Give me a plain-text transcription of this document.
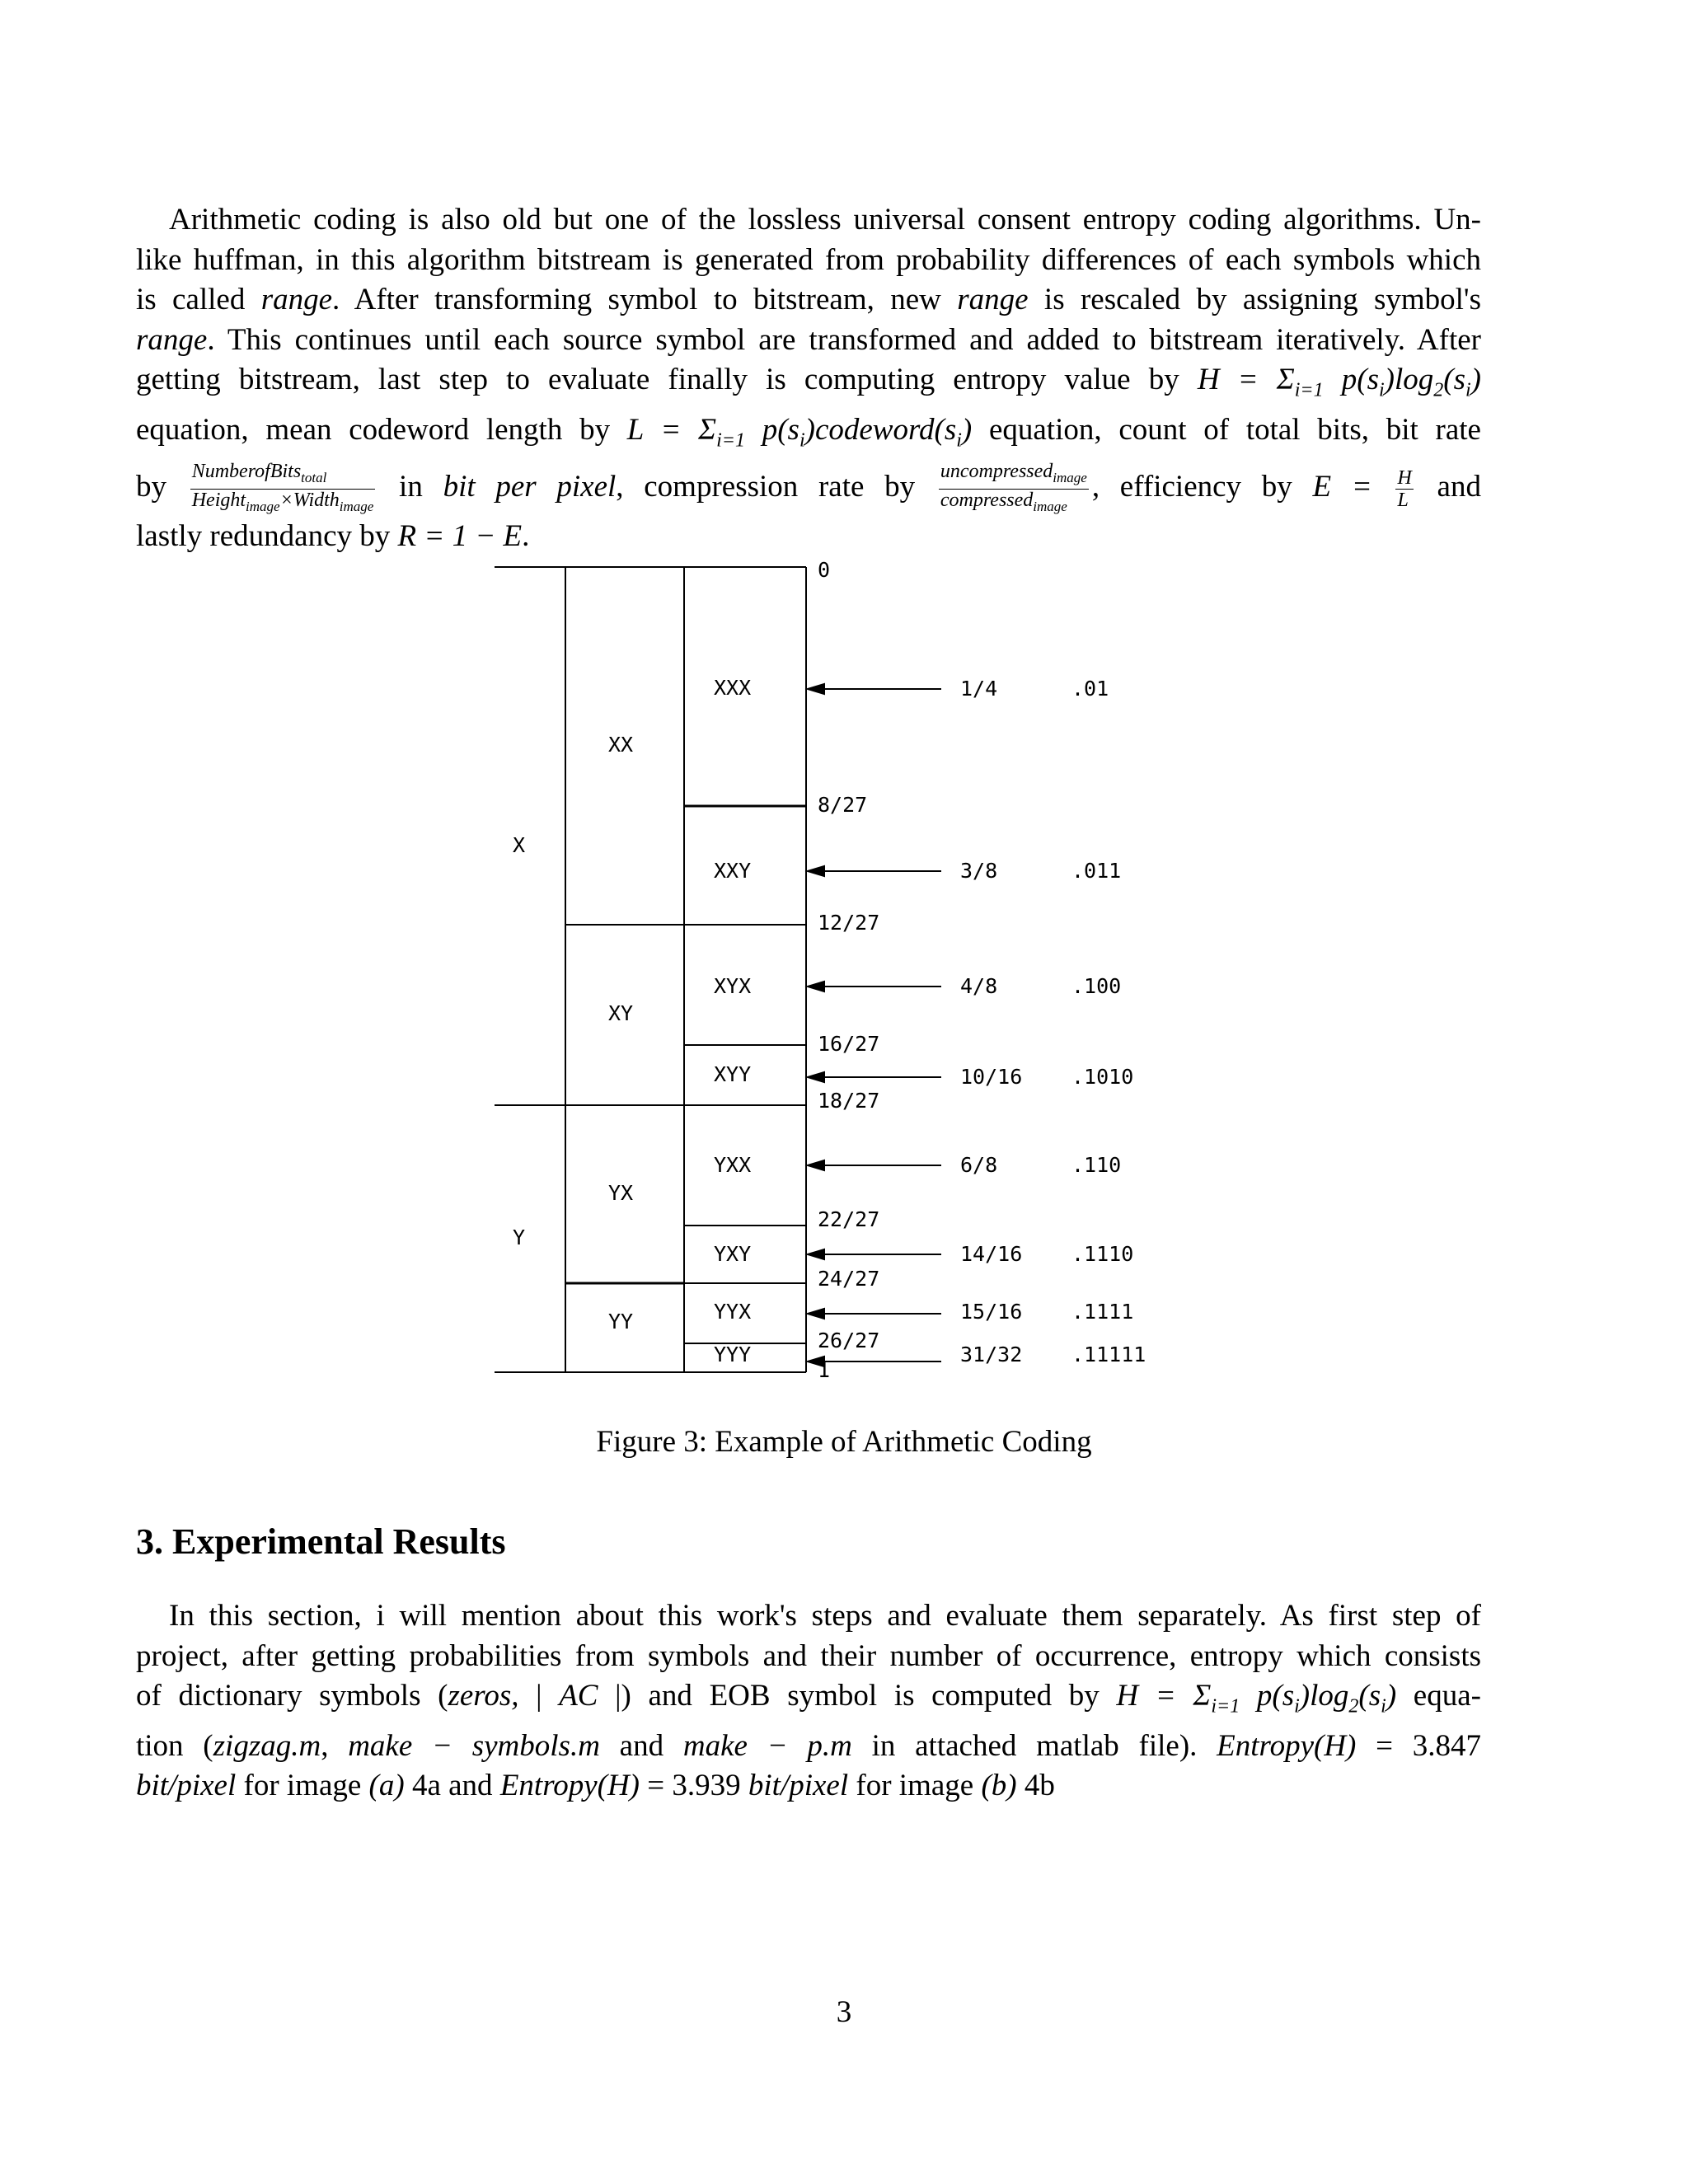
Arithmetic coding is also old but one of the lossless universal consent entropy coding algorithms. Un-
like huffman, in this algorithm bitstream is generated from probability differences of each symbols which
is called range. After transforming symbol to bitstream, new range is rescaled by assigning symbol's
range. This continues until each source symbol are transformed and added to bitstream iteratively. After
getting bitstream, last step to evaluate finally is computing entropy value by $H = \Sigma_{i=1}$ $p(s_i)\log_2(s_i)$
equation, mean codeword length by $L = \Sigma_{i=1}$ $p(s_i)codeword(s_i)$ equation, count of total bits, bit rate
by $\frac{NumberofBits_{total}}{Height_{image}\times Width_{image}}$ in bit per pixel, compression rate by $\frac{uncompressed_{image}}{compressed_{image}}$ , efficiency by $E = \frac{H}{L}$ and
lastly redundancy by R = 1 − E.
X
Y
XX
XY
YX
YY
XXX
XXY
XYX
XYY
YXX
YXY
YYX
YYY
0
8/27
12/27
16/27
18/27
22/27
24/27
26/27
1
1/4
3/8
4/8
10/16
6/8
14/16
15/16
31/32
.01
.011
.100
.1010
.110
.1110
.1111
.11111
Figure 3: Example of Arithmetic Coding
3. Experimental Results
In this section, i will mention about this work's steps and evaluate them separately. As first step of
project, after getting probabilities from symbols and their number of occurrence, entropy which consists
of dictionary symbols (zeros, | AC |) and EOB symbol is computed by $H = \Sigma_{i=1}$ $p(s_i)\log_2(s_i)$ equa-
tion (zigzag.m, make − symbols.m and make − p.m in attached matlab file). Entropy(H) = 3.847
bit/pixel for image (a) 4a and Entropy(H) = 3.939 bit/pixel for image (b) 4b
3
